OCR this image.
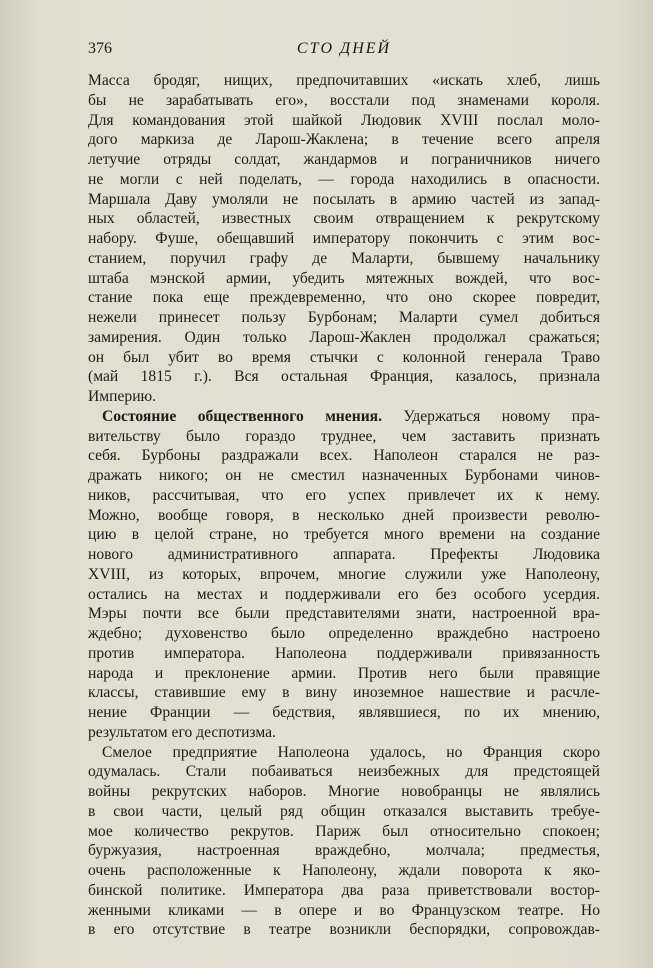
376	СТО ДНЕЙ
Масса бродяг, нищих, предпочитавших «искать хлеб, лишь
бы не зарабатывать его», восстали под знаменами короля.
Для командования этой шайкой Людовик XVIII послал моло-
дого маркиза де Ларош-Жаклена; в течение всего апреля
летучие отряды солдат, жандармов и пограничников ничего
не могли с ней поделать, — города находились в опасности.
Маршала Даву умоляли не посылать в армию частей из запад-
ных областей, известных своим отвращением к рекрутскому
набору. Фуше, обещавший императору покончить с этим вос-
станием, поручил графу де Маларти, бывшему начальнику
штаба мэнской армии, убедить мятежных вождей, что вос-
стание пока еще преждевременно, что оно скорее повредит,
нежели принесет пользу Бурбонам; Маларти сумел добиться
замирения. Один только Ларош-Жаклен продолжал сражаться;
он был убит во время стычки с колонной генерала Траво
(май 1815 г.). Вся остальная Франция, казалось, признала
Империю.
Состояние общественного мнения. Удержаться новому пра-
вительству было гораздо труднее, чем заставить признать
себя. Бурбоны раздражали всех. Наполеон старался не раз-
дражать никого; он не сместил назначенных Бурбонами чинов-
ников, рассчитывая, что его успех привлечет их к нему.
Можно, вообще говоря, в несколько дней произвести револю-
цию в целой стране, но требуется много времени на создание
нового административного аппарата. Префекты Людовика
XVIII, из которых, впрочем, многие служили уже Наполеону,
остались на местах и поддерживали его без особого усердия.
Мэры почти все были представителями знати, настроенной вра-
ждебно; духовенство было определенно враждебно настроено
против императора. Наполеона поддерживали привязанность
народа и преклонение армии. Против него были правящие
классы, ставившие ему в вину иноземное нашествие и расчле-
нение Франции — бедствия, являвшиеся, по их мнению,
результатом его деспотизма.
Смелое предприятие Наполеона удалось, но Франция скоро
одумалась. Стали побаиваться неизбежных для предстоящей
войны рекрутских наборов. Многие новобранцы не являлись
в свои части, целый ряд общин отказался выставить требуе-
мое количество рекрутов. Париж был относительно спокоен;
буржуазия, настроенная враждебно, молчала; предместья,
очень расположенные к Наполеону, ждали поворота к яко-
бинской политике. Императора два раза приветствовали востор-
женными кликами — в опере и во Французском театре. Но
в его отсутствие в театре возникли беспорядки, сопровождав-
